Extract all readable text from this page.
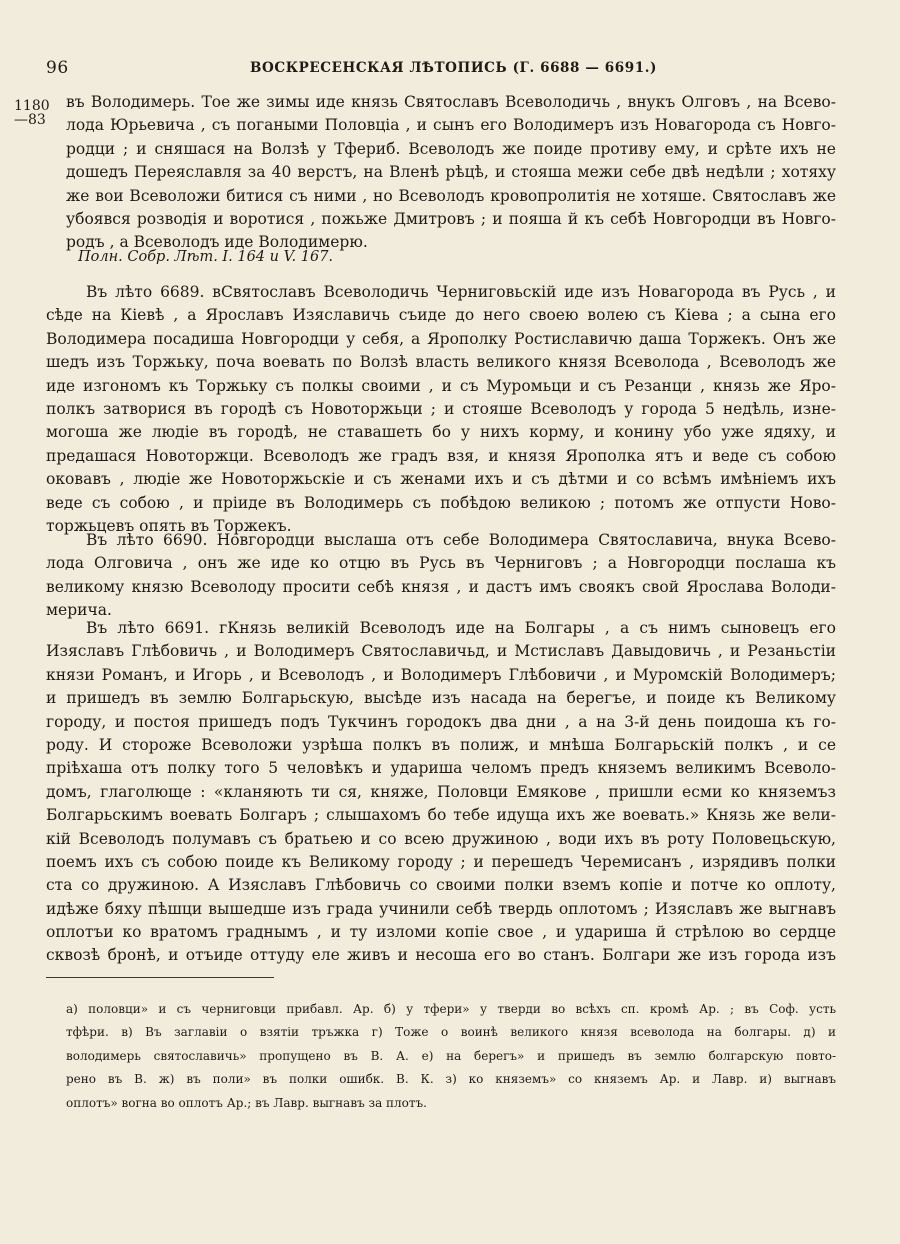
96	ВОСКРЕСЕНСКАЯ ЛѢТОПИСЬ (Г. 6688 — 6691.)
1180
—83
въ Володимерь. Тое же зимы иде князь Святославъ Всеволодичь , внукъ Олговъ , на Всево-
лода Юрьевича , съ погаными Половцiа , и сынъ его Володимеръ изъ Новагорода съ Новго-
родци ; и сняшася на Волзѣ у Тфериб. Всеволодъ же поиде противу ему, и срѣте ихъ не
дошедъ Переяславля за 40 верстъ, на Вленѣ рѣцѣ, и стояша межи себе двѣ недѣли ; хотяху
же вои Всеволожи битися съ ними , но Всеволодъ кровопролитiя не хотяше. Святославъ же
убоявся розводiя и воротися , пожьже Дмитровъ ; и пояша й къ себѣ Новгородци въ Новго-
родъ , а Всеволодъ иде Володимерю.
Полн. Собр. Лѣт. I. 164 и V. 167.
Въ лѣто 6689. вСвятославъ Всеволодичь Черниговьскiй иде изъ Новагорода въ Русь , и
сѣде на Кiевѣ , а Ярославъ Изяславичь съиде до него своею волею съ Кiева ; а сына его
Володимера посадиша Новгородци у себя, а Ярополку Ростиславичю даша Торжекъ. Онъ же
шедъ изъ Торжьку, поча воевать по Волзѣ власть великого князя Всеволода , Всеволодъ же
иде изгономъ къ Торжьку съ полкы своими , и съ Муромьци и съ Резанци , князь же Яро-
полкъ затворися въ городѣ съ Новоторжьци ; и стояше Всеволодъ у города 5 недѣль, изне-
могоша же людiе въ городѣ, не ставашеть бо у нихъ корму, и конину убо уже ядяху, и
предашася Новоторжци. Всеволодъ же градъ взя, и князя Ярополка ятъ и веде съ собою
оковавъ , людiе же Новоторжьскiе и съ женами ихъ и съ дѣтми и со всѣмъ имѣнiемъ ихъ
веде съ собою , и прiиде въ Володимерь съ побѣдою великою ; потомъ же отпусти Ново-
торжьцевъ опять въ Торжекъ.
Въ лѣто 6690. Новгородци выслаша отъ себе Володимера Святославича, внука Всево-
лода Олговича , онъ же иде ко отцю въ Русь въ Черниговъ ; а Новгородци послаша къ
великому князю Всеволоду просити себѣ князя , и дастъ имъ своякъ свой Ярослава Володи-
мерича.
Въ лѣто 6691. гКнязь великiй Всеволодъ иде на Болгары , а съ нимъ сыновецъ его
Изяславъ Глѣбовичь , и Володимеръ Святославичьд, и Мстиславъ Давыдовичь , и Резаньстiи
князи Романъ, и Игорь , и Всеволодъ , и Володимеръ Глѣбовичи , и Муромскiй Володимеръ;
и пришедъ въ землю Болгарьскую, высѣде изъ насада на берегъе, и поиде къ Великому
городу, и постоя пришедъ подъ Тукчинъ городокъ два дни , а на 3-й день поидоша къ го-
роду. И стороже Всеволожи узрѣша полкъ въ полиж, и мнѣша Болгарьскiй полкъ , и се
прiѣхаша отъ полку того 5 человѣкъ и удариша челомъ предъ княземъ великимъ Всеволо-
домъ, глаголюще : «кланяють ти ся, княже, Половци Емякове , пришли есми ко княземъз
Болгарьскимъ воевать Болгаръ ; слышахомъ бо тебе идуща ихъ же воевать.» Князь же вели-
кiй Всеволодъ полумавъ съ братьею и со всею дружиною , води ихъ въ роту Половецьскую,
поемъ ихъ съ собою поиде къ Великому городу ; и перешедъ Черемисанъ , изрядивъ полки
ста со дружиною. А Изяславъ Глѣбовичь со своими полки вземъ копiе и потче ко оплоту,
идѣже бяху пѣшци вышедше изъ града учинили себѣ твердь оплотомъ ; Изяславъ же выгнавъ
оплотъи ко вратомъ граднымъ , и ту изломи копiе свое , и удариша й стрѣлою во сердце
сквозѣ бронѣ, и отъиде оттуду еле живъ и несоша его во станъ. Болгари же изъ города изъ
а) половци» и съ черниговци прибавл. Ар. б) у тфери» у тверди во всѣхъ сп. кромѣ Ар. ; въ Соф. усть
тфѣри. в) Въ заглавiи о взятiи тръжка г) Тоже о воинѣ великого князя всеволода на болгары. д) и
володимерь святославичь» пропущено въ В. А. е) на берегъ» и пришедъ въ землю болгарскую повто-
рено въ В. ж) въ поли» въ полки ошибк. В. К. з) ко княземъ» со княземъ Ар. и Лавр. и) выгнавъ
оплотъ» вогна во оплотъ Ар.; въ Лавр. выгнавъ за плотъ.
